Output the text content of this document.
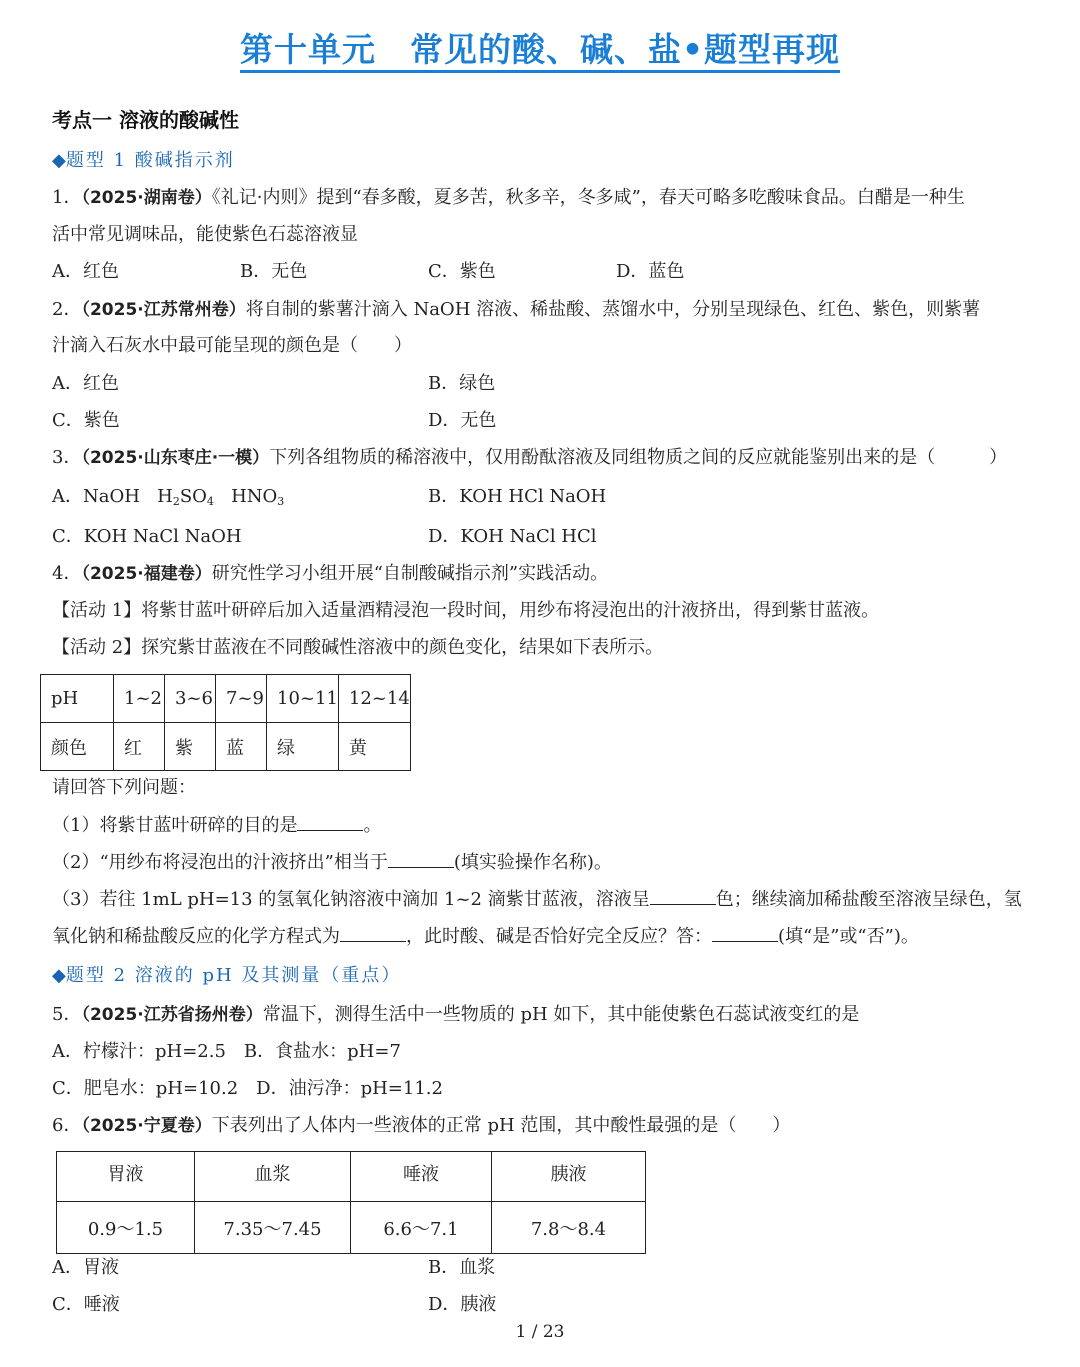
第十单元　常见的酸、碱、盐•题型再现
考点一 溶液的酸碱性
◆题型 1 酸碱指示剂
1．（2025·湖南卷）《礼记·内则》提到“春多酸，夏多苦，秋多辛，冬多咸”，春天可略多吃酸味食品。白醋是一种生
活中常见调味品，能使紫色石蕊溶液显
A．红色	B．无色	C．紫色	D．蓝色
2．（2025·江苏常州卷）将自制的紫薯汁滴入 NaOH 溶液、稀盐酸、蒸馏水中，分别呈现绿色、红色、紫色，则紫薯
汁滴入石灰水中最可能呈现的颜色是（　　）
A．红色	B．绿色
C．紫色	D．无色
3．（2025·山东枣庄·一模）下列各组物质的稀溶液中，仅用酚酞溶液及同组物质之间的反应就能鉴别出来的是（　　　）
A．NaOH $H_2SO_4$ $HNO_3$	B．KOH HCl NaOH
C．KOH NaCl NaOH	D．KOH NaCl HCl
4．（2025·福建卷）研究性学习小组开展“自制酸碱指示剂”实践活动。
【活动 1】将紫甘蓝叶研碎后加入适量酒精浸泡一段时间，用纱布将浸泡出的汁液挤出，得到紫甘蓝液。
【活动 2】探究紫甘蓝液在不同酸碱性溶液中的颜色变化，结果如下表所示。
pH	1~2	3~6	7~9	10~11	12~14
颜色	红	紫	蓝	绿	黄
请回答下列问题：
（1）将紫甘蓝叶研碎的目的是	。
（2）“用纱布将浸泡出的汁液挤出”相当于	(填实验操作名称)。
（3）若往 1mL pH=13 的氢氧化钠溶液中滴加 1~2 滴紫甘蓝液，溶液呈	色；继续滴加稀盐酸至溶液呈绿色，氢
氧化钠和稀盐酸反应的化学方程式为	，此时酸、碱是否恰好完全反应？答：	(填“是”或“否”)。
◆题型 2 溶液的 pH 及其测量（重点）
5．（2025·江苏省扬州卷）常温下，测得生活中一些物质的 pH 如下，其中能使紫色石蕊试液变红的是
A．柠檬汁：pH=2.5　B．食盐水：pH=7
C．肥皂水：pH=10.2　D．油污净：pH=11.2
6．（2025·宁夏卷）下表列出了人体内一些液体的正常 pH 范围，其中酸性最强的是（　　）
胃液	血浆	唾液	胰液
0.9～1.5	7.35～7.45	6.6～7.1	7.8～8.4
A．胃液	B．血浆
C．唾液	D．胰液
1 / 23
